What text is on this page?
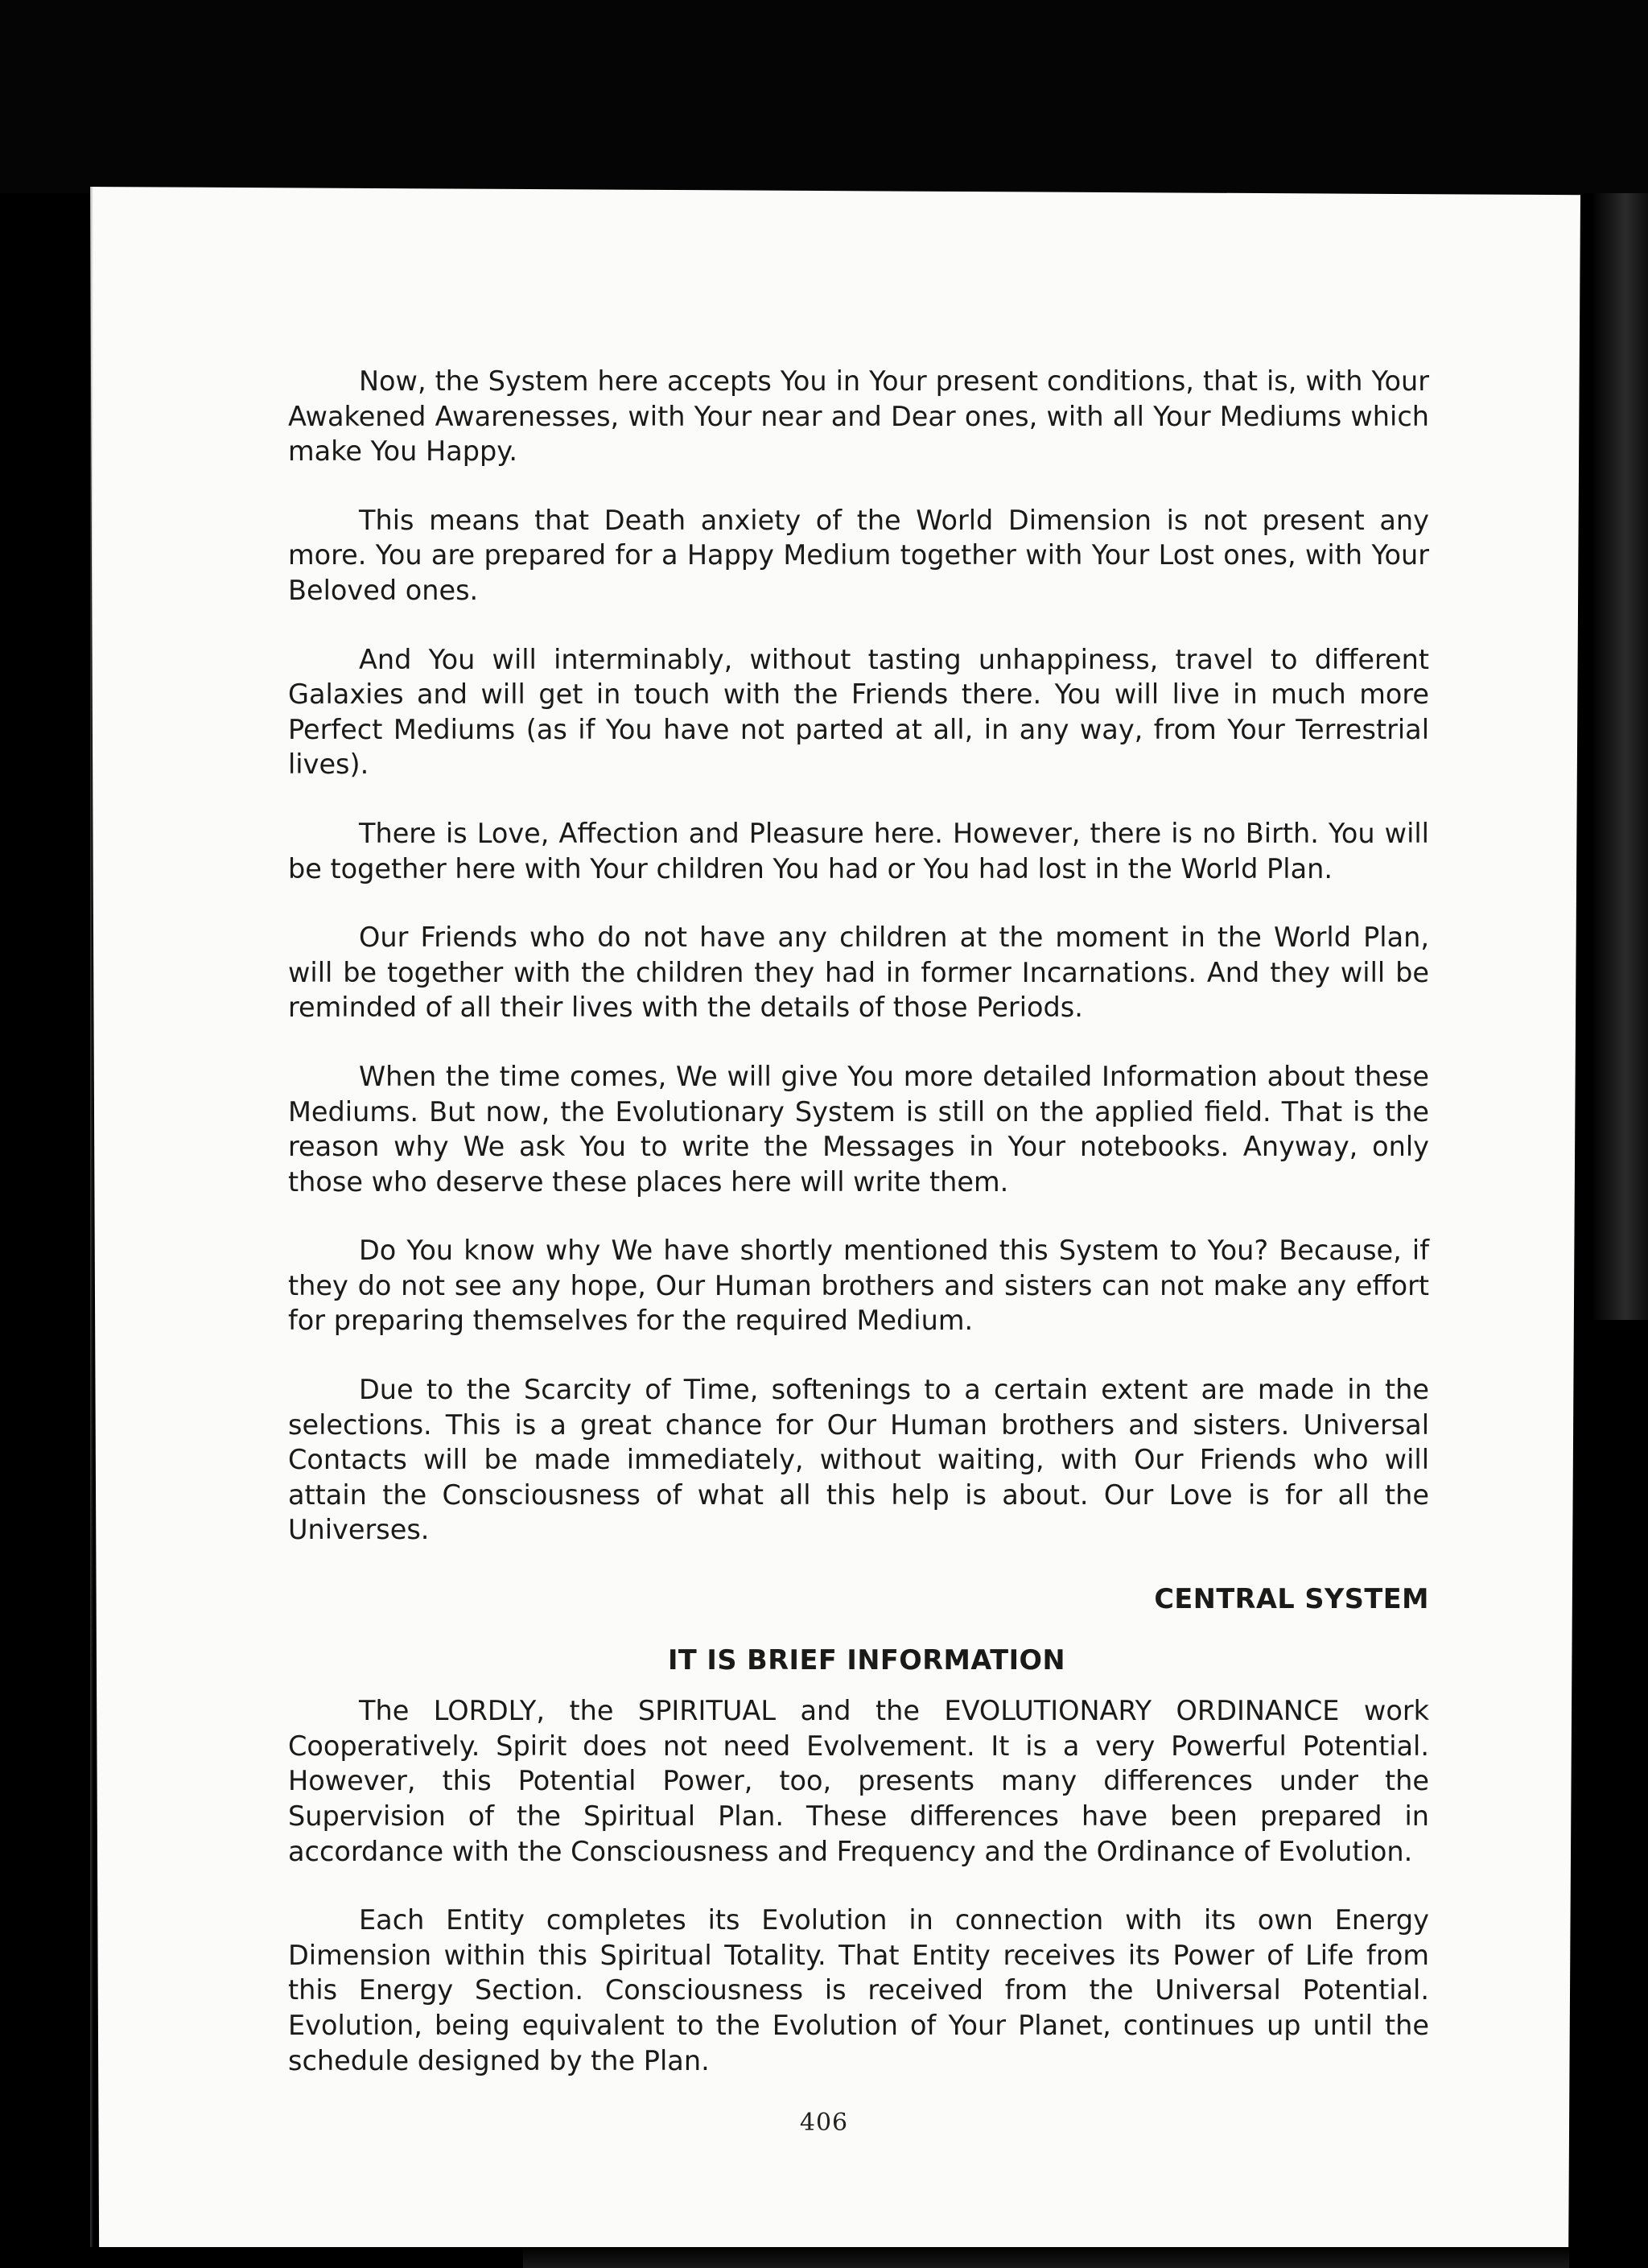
Now, the System here accepts You in Your present conditions, that is, with Your Awakened Awarenesses, with Your near and Dear ones, with all Your Mediums which make You Happy.

This means that Death anxiety of the World Dimension is not present any more. You are prepared for a Happy Medium together with Your Lost ones, with Your Beloved ones.

And You will interminably, without tasting unhappiness, travel to different Galaxies and will get in touch with the Friends there. You will live in much more Perfect Mediums (as if You have not parted at all, in any way, from Your Terrestrial lives).

There is Love, Affection and Pleasure here. However, there is no Birth. You will be together here with Your children You had or You had lost in the World Plan.

Our Friends who do not have any children at the moment in the World Plan, will be together with the children they had in former Incarnations. And they will be reminded of all their lives with the details of those Periods.

When the time comes, We will give You more detailed Information about these Mediums. But now, the Evolutionary System is still on the applied field. That is the reason why We ask You to write the Messages in Your notebooks. Anyway, only those who deserve these places here will write them.

Do You know why We have shortly mentioned this System to You? Because, if they do not see any hope, Our Human brothers and sisters can not make any effort for preparing themselves for the required Medium.

Due to the Scarcity of Time, softenings to a certain extent are made in the selections. This is a great chance for Our Human brothers and sisters. Universal Contacts will be made immediately, without waiting, with Our Friends who will attain the Consciousness of what all this help is about. Our Love is for all the Universes.

CENTRAL SYSTEM
IT IS BRIEF INFORMATION

The LORDLY, the SPIRITUAL and the EVOLUTIONARY ORDINANCE work Cooperatively. Spirit does not need Evolvement. It is a very Powerful Potential. However, this Potential Power, too, presents many differences under the Supervision of the Spiritual Plan. These differences have been prepared in accordance with the Consciousness and Frequency and the Ordinance of Evolution.

Each Entity completes its Evolution in connection with its own Energy Dimension within this Spiritual Totality. That Entity receives its Power of Life from this Energy Section. Consciousness is received from the Universal Potential. Evolution, being equivalent to the Evolution of Your Planet, continues up until the schedule designed by the Plan.

406
